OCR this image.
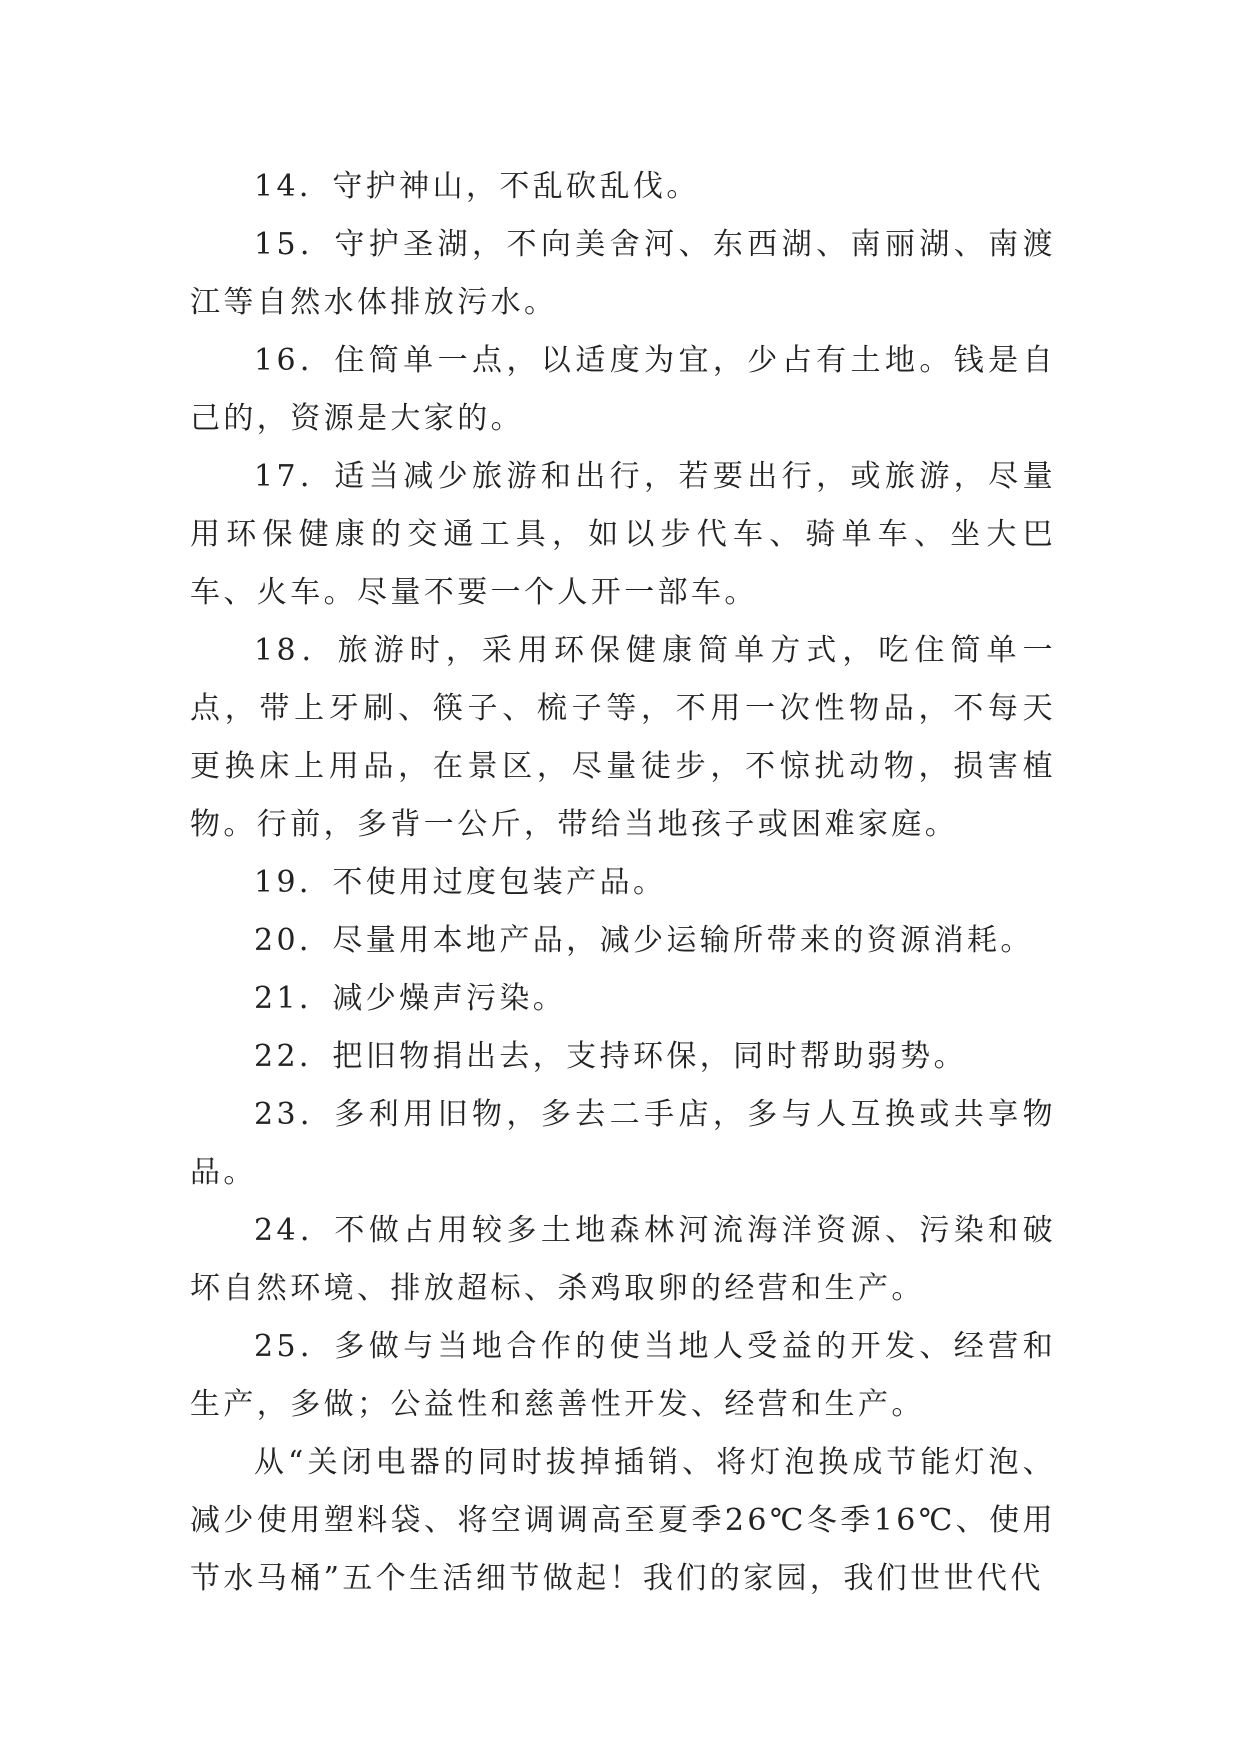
14．守护神山，不乱砍乱伐。

15．守护圣湖，不向美舍河、东西湖、南丽湖、南渡江等自然水体排放污水。

16．住简单一点，以适度为宜，少占有土地。钱是自己的，资源是大家的。

17．适当减少旅游和出行，若要出行，或旅游，尽量用环保健康的交通工具，如以步代车、骑单车、坐大巴车、火车。尽量不要一个人开一部车。

18．旅游时，采用环保健康简单方式，吃住简单一点，带上牙刷、筷子、梳子等，不用一次性物品，不每天更换床上用品，在景区，尽量徒步，不惊扰动物，损害植物。行前，多背一公斤，带给当地孩子或困难家庭。

19．不使用过度包装产品。

20．尽量用本地产品，减少运输所带来的资源消耗。

21．减少燥声污染。

22．把旧物捐出去，支持环保，同时帮助弱势。

23．多利用旧物，多去二手店，多与人互换或共享物品。

24．不做占用较多土地森林河流海洋资源、污染和破坏自然环境、排放超标、杀鸡取卵的经营和生产。

25．多做与当地合作的使当地人受益的开发、经营和生产，多做；公益性和慈善性开发、经营和生产。

从“关闭电器的同时拔掉插销、将灯泡换成节能灯泡、减少使用塑料袋、将空调调高至夏季26℃冬季16℃、使用节水马桶”五个生活细节做起！我们的家园，我们世世代代
